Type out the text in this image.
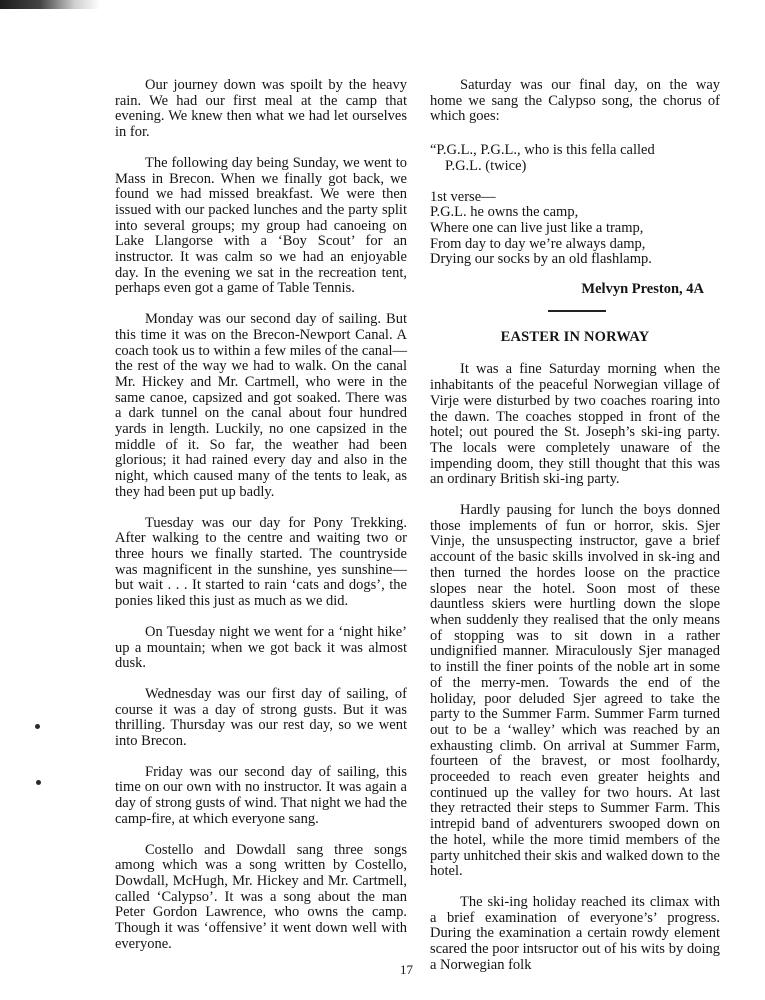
Our journey down was spoilt by the heavy rain. We had our first meal at the camp that evening. We knew then what we had let ourselves in for.

The following day being Sunday, we went to Mass in Brecon. When we finally got back, we found we had missed breakfast. We were then issued with our packed lunches and the party split into several groups; my group had canoeing on Lake Llangorse with a ‘Boy Scout’ for an instructor. It was calm so we had an enjoyable day. In the evening we sat in the recreation tent, perhaps even got a game of Table Tennis.

Monday was our second day of sailing. But this time it was on the Brecon-Newport Canal. A coach took us to within a few miles of the canal—the rest of the way we had to walk. On the canal Mr. Hickey and Mr. Cartmell, who were in the same canoe, capsized and got soaked. There was a dark tunnel on the canal about four hundred yards in length. Luckily, no one capsized in the middle of it. So far, the weather had been glorious; it had rained every day and also in the night, which caused many of the tents to leak, as they had been put up badly.

Tuesday was our day for Pony Trekking. After walking to the centre and waiting two or three hours we finally started. The countryside was magnificent in the sunshine, yes sunshine—but wait . . . It started to rain ‘cats and dogs’, the ponies liked this just as much as we did.

On Tuesday night we went for a ‘night hike’ up a mountain; when we got back it was almost dusk.

Wednesday was our first day of sailing, of course it was a day of strong gusts. But it was thrilling. Thursday was our rest day, so we went into Brecon.

Friday was our second day of sailing, this time on our own with no instructor. It was again a day of strong gusts of wind. That night we had the camp-fire, at which everyone sang.

Costello and Dowdall sang three songs among which was a song written by Costello, Dowdall, McHugh, Mr. Hickey and Mr. Cartmell, called ‘Calypso’. It was a song about the man Peter Gordon Lawrence, who owns the camp. Though it was ‘offensive’ it went down well with everyone.

Saturday was our final day, on the way home we sang the Calypso song, the chorus of which goes:

“P.G.L., P.G.L., who is this fella called

P.G.L. (twice)

1st verse—

P.G.L. he owns the camp,

Where one can live just like a tramp,

From day to day we’re always damp,

Drying our socks by an old flashlamp.

Melvyn Preston, 4A

EASTER IN NORWAY

It was a fine Saturday morning when the inhabitants of the peaceful Norwegian village of Virje were disturbed by two coaches roaring into the dawn. The coaches stopped in front of the hotel; out poured the St. Joseph’s ski-ing party. The locals were completely unaware of the impending doom, they still thought that this was an ordinary British ski-ing party.

Hardly pausing for lunch the boys donned those implements of fun or horror, skis. Sjer Vinje, the unsuspecting instructor, gave a brief account of the basic skills involved in sk-ing and then turned the hordes loose on the practice slopes near the hotel. Soon most of these dauntless skiers were hurtling down the slope when suddenly they realised that the only means of stopping was to sit down in a rather undignified manner. Miraculously Sjer managed to instill the finer points of the noble art in some of the merry-men. Towards the end of the holiday, poor deluded Sjer agreed to take the party to the Summer Farm. Summer Farm turned out to be a ‘walley’ which was reached by an exhausting climb. On arrival at Summer Farm, fourteen of the bravest, or most foolhardy, proceeded to reach even greater heights and continued up the valley for two hours. At last they retracted their steps to Summer Farm. This intrepid band of adventurers swooped down on the hotel, while the more timid members of the party unhitched their skis and walked down to the hotel.

The ski-ing holiday reached its climax with a brief examination of everyone’s’ progress. During the examination a certain rowdy element scared the poor intsructor out of his wits by doing a Norwegian folk

17
